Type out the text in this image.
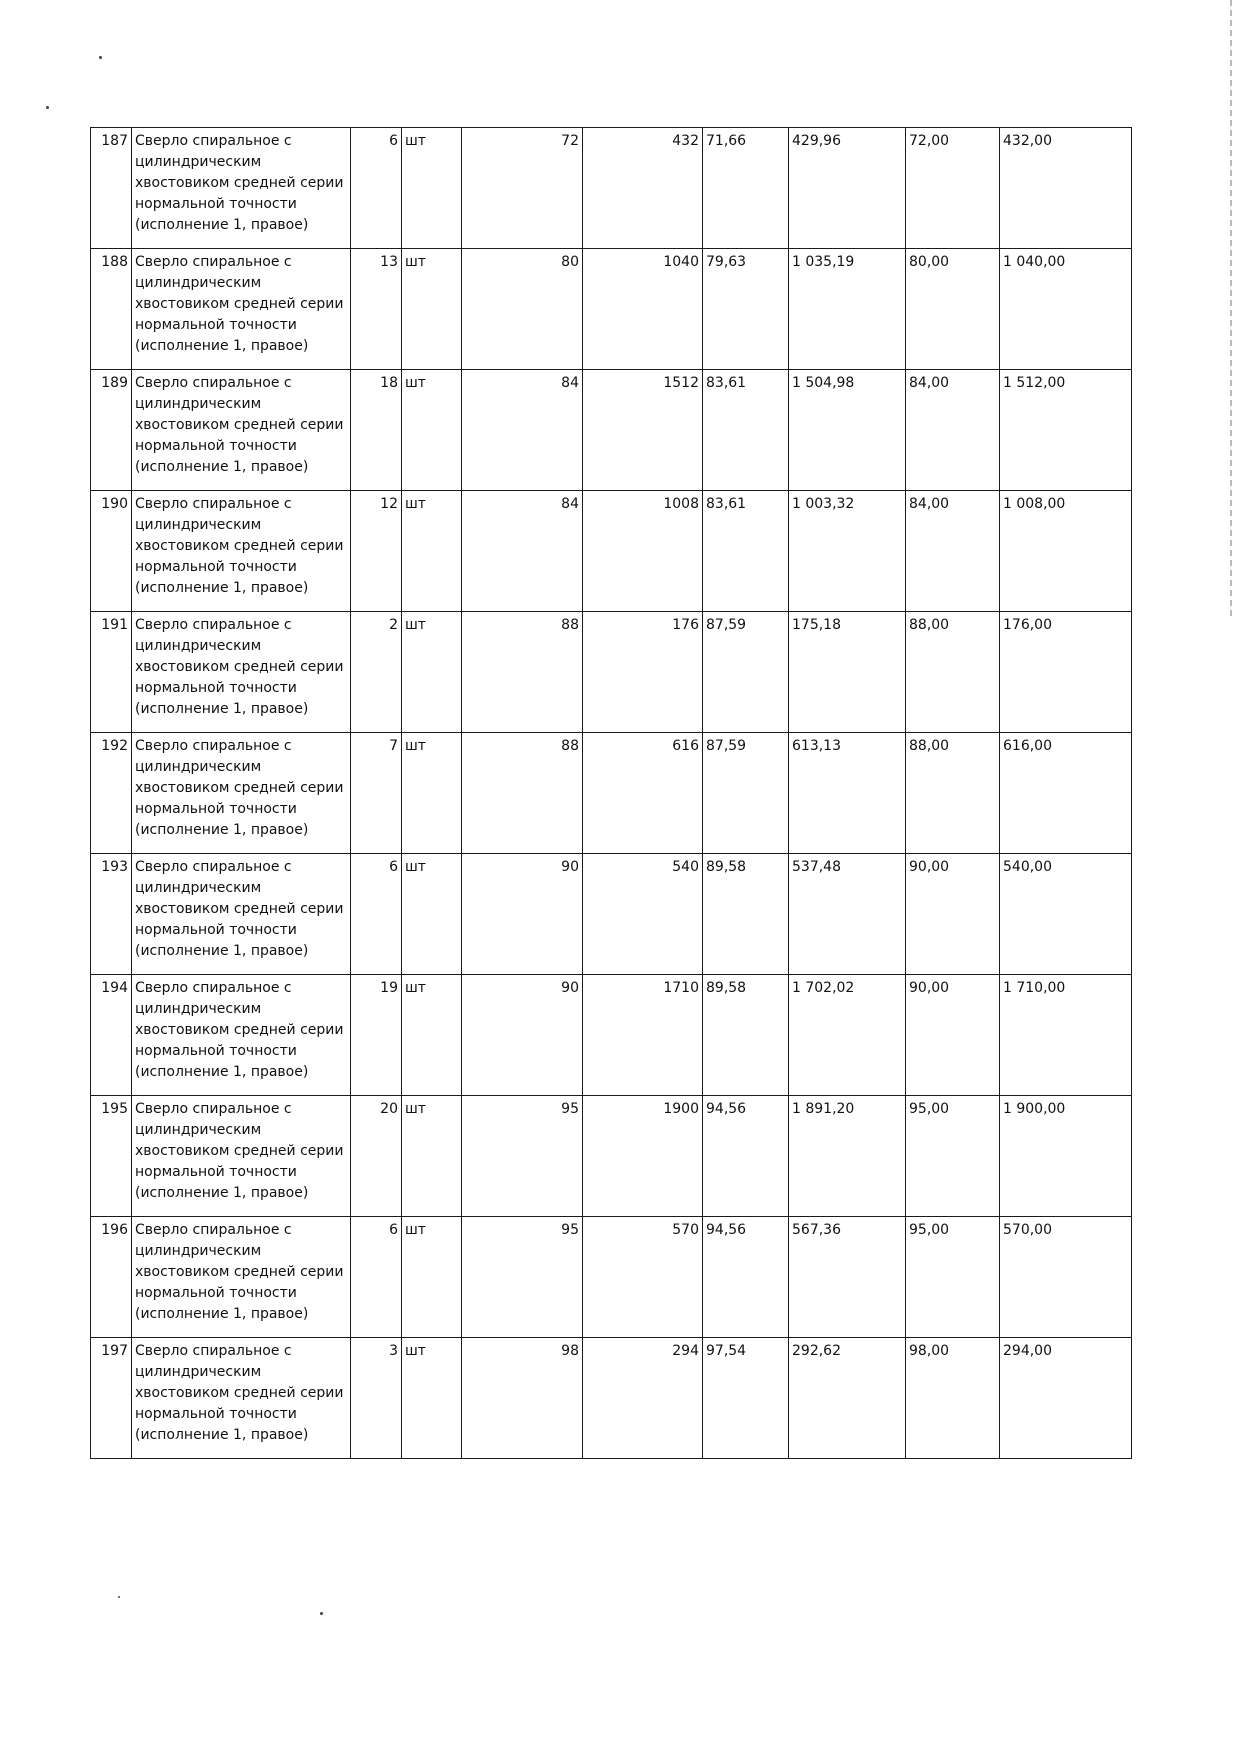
187	Сверло спиральное с
цилиндрическим
хвостовиком средней серии
нормальной точности
(исполнение 1, правое)	6	шт	72	432	71,66	429,96	72,00	432,00
188	Сверло спиральное с
цилиндрическим
хвостовиком средней серии
нормальной точности
(исполнение 1, правое)	13	шт	80	1040	79,63	1 035,19	80,00	1 040,00
189	Сверло спиральное с
цилиндрическим
хвостовиком средней серии
нормальной точности
(исполнение 1, правое)	18	шт	84	1512	83,61	1 504,98	84,00	1 512,00
190	Сверло спиральное с
цилиндрическим
хвостовиком средней серии
нормальной точности
(исполнение 1, правое)	12	шт	84	1008	83,61	1 003,32	84,00	1 008,00
191	Сверло спиральное с
цилиндрическим
хвостовиком средней серии
нормальной точности
(исполнение 1, правое)	2	шт	88	176	87,59	175,18	88,00	176,00
192	Сверло спиральное с
цилиндрическим
хвостовиком средней серии
нормальной точности
(исполнение 1, правое)	7	шт	88	616	87,59	613,13	88,00	616,00
193	Сверло спиральное с
цилиндрическим
хвостовиком средней серии
нормальной точности
(исполнение 1, правое)	6	шт	90	540	89,58	537,48	90,00	540,00
194	Сверло спиральное с
цилиндрическим
хвостовиком средней серии
нормальной точности
(исполнение 1, правое)	19	шт	90	1710	89,58	1 702,02	90,00	1 710,00
195	Сверло спиральное с
цилиндрическим
хвостовиком средней серии
нормальной точности
(исполнение 1, правое)	20	шт	95	1900	94,56	1 891,20	95,00	1 900,00
196	Сверло спиральное с
цилиндрическим
хвостовиком средней серии
нормальной точности
(исполнение 1, правое)	6	шт	95	570	94,56	567,36	95,00	570,00
197	Сверло спиральное с
цилиндрическим
хвостовиком средней серии
нормальной точности
(исполнение 1, правое)	3	шт	98	294	97,54	292,62	98,00	294,00
